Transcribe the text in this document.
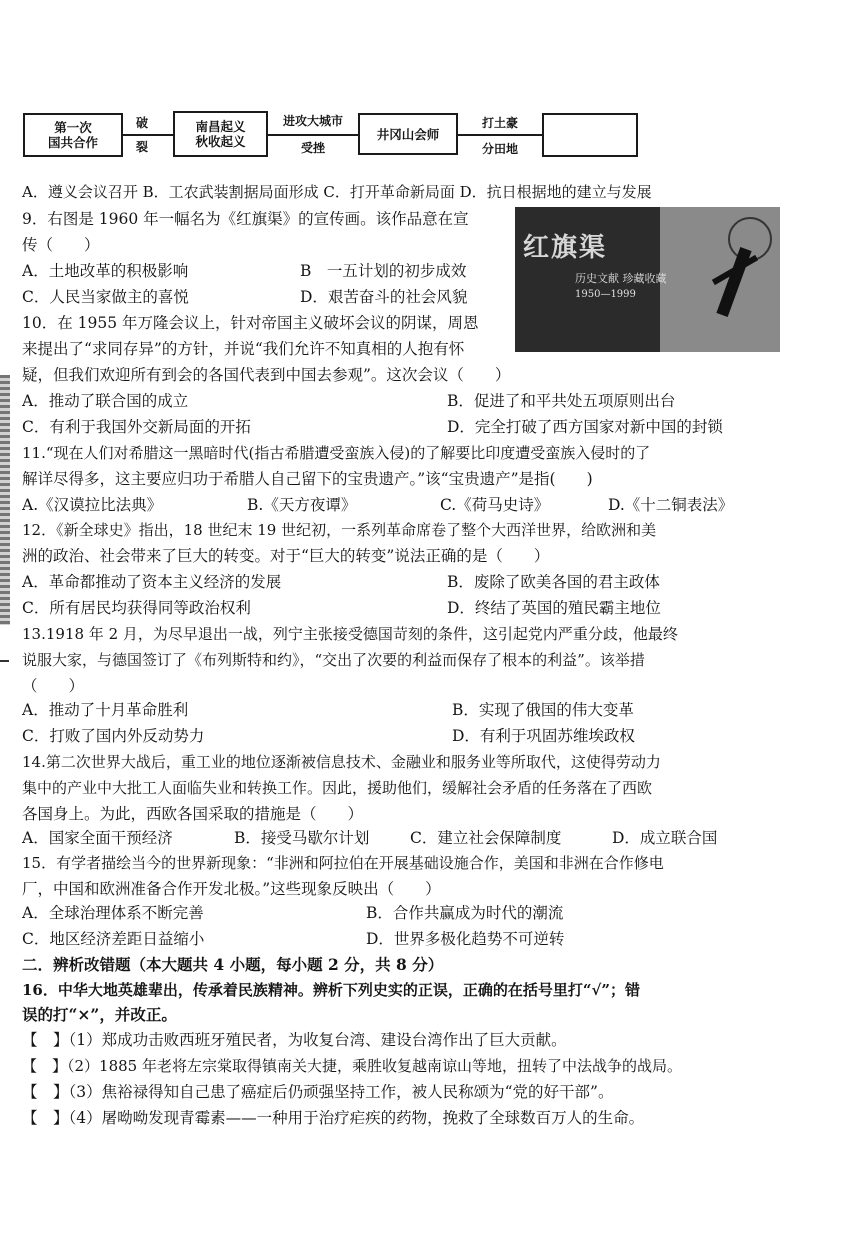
第一次
国共合作
破
裂
南昌起义
秋收起义
进攻大城市
受挫
井冈山会师
打土豪
分田地
A．遵义会议召开 B．工农武装割据局面形成 C．打开革命新局面 D．抗日根据地的建立与发展
9．右图是 1960 年一幅名为《红旗渠》的宣传画。该作品意在宣
传（　　）	红旗渠
历史文献 珍藏收藏
1950—1999
A．土地改革的积极影响	B　一五计划的初步成效
C．人民当家做主的喜悦	D．艰苦奋斗的社会风貌
10．在 1955 年万隆会议上，针对帝国主义破坏会议的阴谋，周恩
来提出了“求同存异”的方针，并说“我们允许不知真相的人抱有怀
疑，但我们欢迎所有到会的各国代表到中国去参观”。这次会议（　　）
A．推动了联合国的成立	B．促进了和平共处五项原则出台
C．有利于我国外交新局面的开拓	D．完全打破了西方国家对新中国的封锁
11.“现在人们对希腊这一黑暗时代(指古希腊遭受蛮族入侵)的了解要比印度遭受蛮族入侵时的了
解详尽得多，这主要应归功于希腊人自己留下的宝贵遗产。”该“宝贵遗产”是指(　　)
A.《汉谟拉比法典》	B.《天方夜谭》	C.《荷马史诗》	D.《十二铜表法》
12．《新全球史》指出，18 世纪末 19 世纪初，一系列革命席卷了整个大西洋世界，给欧洲和美
洲的政治、社会带来了巨大的转变。对于“巨大的转变”说法正确的是（　　）
A．革命都推动了资本主义经济的发展	B．废除了欧美各国的君主政体
C．所有居民均获得同等政治权利	D．终结了英国的殖民霸主地位
13.1918 年 2 月，为尽早退出一战，列宁主张接受德国苛刻的条件，这引起党内严重分歧，他最终
说服大家，与德国签订了《布列斯特和约》，“交出了次要的利益而保存了根本的利益”。该举措
（　　）
A．推动了十月革命胜利	B．实现了俄国的伟大变革
C．打败了国内外反动势力	D．有利于巩固苏维埃政权
14.第二次世界大战后，重工业的地位逐渐被信息技术、金融业和服务业等所取代，这使得劳动力
集中的产业中大批工人面临失业和转换工作。因此，援助他们，缓解社会矛盾的任务落在了西欧
各国身上。为此，西欧各国采取的措施是（　　）
A．国家全面干预经济	B．接受马歇尔计划	C．建立社会保障制度	D．成立联合国
15．有学者描绘当今的世界新现象：“非洲和阿拉伯在开展基础设施合作，美国和非洲在合作修电
厂，中国和欧洲准备合作开发北极。”这些现象反映出（　　）
A．全球治理体系不断完善	B．合作共赢成为时代的潮流
C．地区经济差距日益缩小	D．世界多极化趋势不可逆转
二．辨析改错题（本大题共 4 小题，每小题 2 分，共 8 分）
16．中华大地英雄辈出，传承着民族精神。辨析下列史实的正误，正确的在括号里打“√”；错
误的打“×”，并改正。
【　】（1）郑成功击败西班牙殖民者，为收复台湾、建设台湾作出了巨大贡献。
【　】（2）1885 年老将左宗棠取得镇南关大捷，乘胜收复越南谅山等地，扭转了中法战争的战局。
【　】（3）焦裕禄得知自己患了癌症后仍顽强坚持工作，被人民称颂为“党的好干部”。
【　】（4）屠呦呦发现青霉素——一种用于治疗疟疾的药物，挽救了全球数百万人的生命。
